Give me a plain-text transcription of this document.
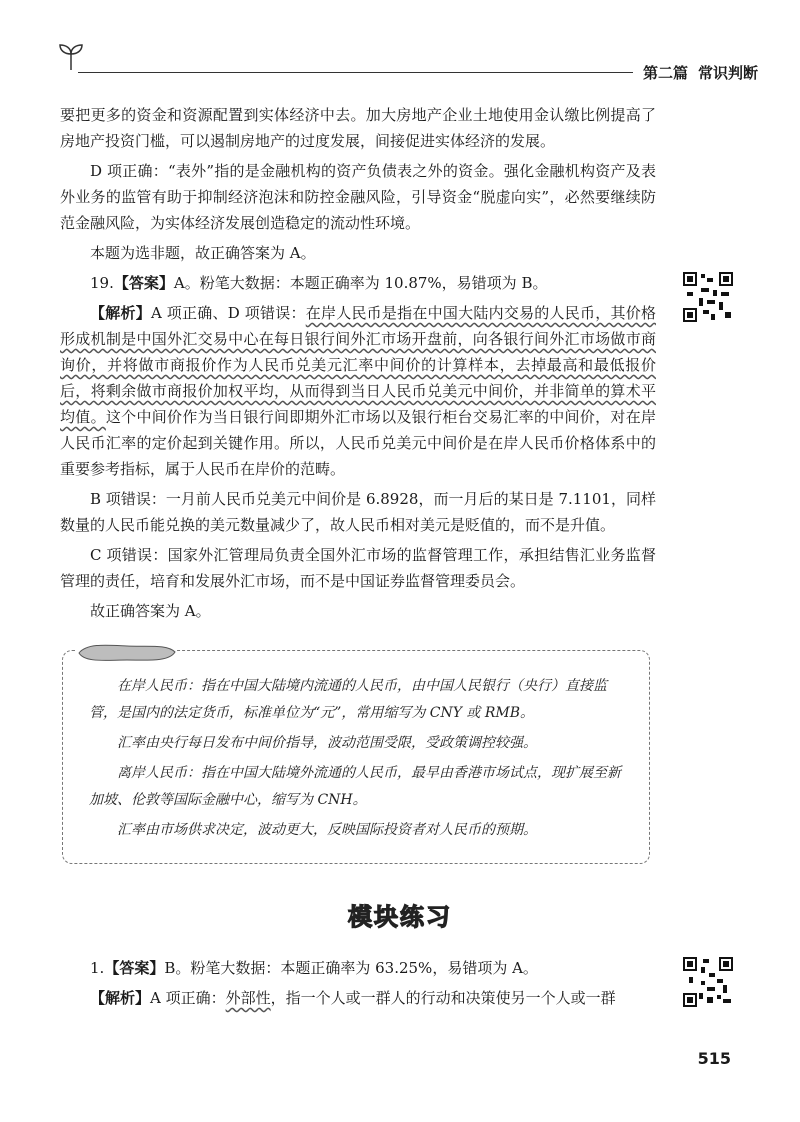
第二篇 常识判断

要把更多的资金和资源配置到实体经济中去。加大房地产企业土地使用金认缴比例提高了房地产投资门槛，可以遏制房地产的过度发展，间接促进实体经济的发展。

D 项正确：“表外”指的是金融机构的资产负债表之外的资金。强化金融机构资产及表外业务的监管有助于抑制经济泡沫和防控金融风险，引导资金“脱虚向实”，必然要继续防范金融风险，为实体经济发展创造稳定的流动性环境。

本题为选非题，故正确答案为 A。

19.【答案】A。粉笔大数据：本题正确率为 10.87%，易错项为 B。

【解析】A 项正确、D 项错误：在岸人民币是指在中国大陆内交易的人民币，其价格形成机制是中国外汇交易中心在每日银行间外汇市场开盘前，向各银行间外汇市场做市商询价，并将做市商报价作为人民币兑美元汇率中间价的计算样本，去掉最高和最低报价后，将剩余做市商报价加权平均，从而得到当日人民币兑美元中间价，并非简单的算术平均值。这个中间价作为当日银行间即期外汇市场以及银行柜台交易汇率的中间价，对在岸人民币汇率的定价起到关键作用。所以，人民币兑美元中间价是在岸人民币价格体系中的重要参考指标，属于人民币在岸价的范畴。

B 项错误：一月前人民币兑美元中间价是 6.8928，而一月后的某日是 7.1101，同样数量的人民币能兑换的美元数量减少了，故人民币相对美元是贬值的，而不是升值。

C 项错误：国家外汇管理局负责全国外汇市场的监督管理工作，承担结售汇业务监督管理的责任，培育和发展外汇市场，而不是中国证券监督管理委员会。

故正确答案为 A。

在岸人民币：指在中国大陆境内流通的人民币，由中国人民银行（央行）直接监管，是国内的法定货币，标准单位为“元”，常用缩写为 CNY 或 RMB。

汇率由央行每日发布中间价指导，波动范围受限，受政策调控较强。

离岸人民币：指在中国大陆境外流通的人民币，最早由香港市场试点，现扩展至新加坡、伦敦等国际金融中心，缩写为 CNH。

汇率由市场供求决定，波动更大，反映国际投资者对人民币的预期。

模块练习

1.【答案】B。粉笔大数据：本题正确率为 63.25%，易错项为 A。

【解析】A 项正确：外部性，指一个人或一群人的行动和决策使另一个人或一群

515
